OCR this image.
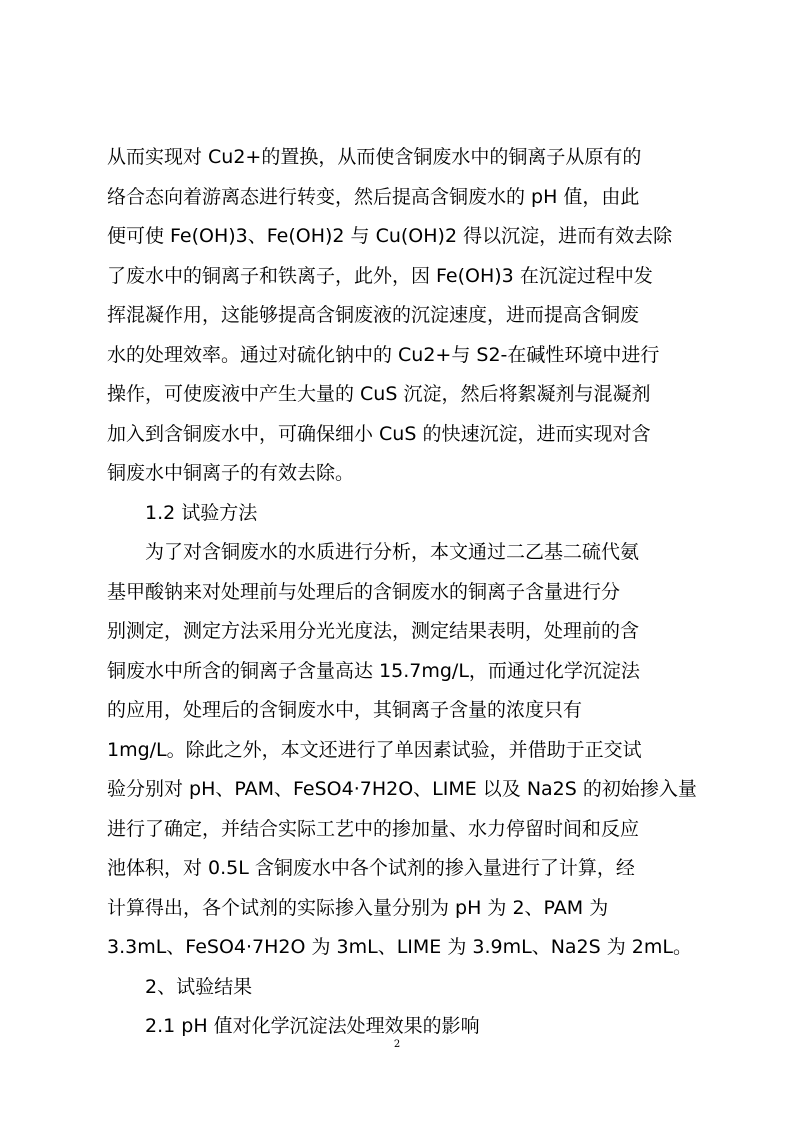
从而实现对 Cu2+的置换，从而使含铜废水中的铜离子从原有的
络合态向着游离态进行转变，然后提高含铜废水的 pH 值，由此
便可使 Fe(OH)3、Fe(OH)2 与 Cu(OH)2 得以沉淀，进而有效去除
了废水中的铜离子和铁离子，此外，因 Fe(OH)3 在沉淀过程中发
挥混凝作用，这能够提高含铜废液的沉淀速度，进而提高含铜废
水的处理效率。通过对硫化钠中的 Cu2+与 S2-在碱性环境中进行
操作，可使废液中产生大量的 CuS 沉淀，然后将絮凝剂与混凝剂
加入到含铜废水中，可确保细小 CuS 的快速沉淀，进而实现对含
铜废水中铜离子的有效去除。
1.2 试验方法
为了对含铜废水的水质进行分析，本文通过二乙基二硫代氨
基甲酸钠来对处理前与处理后的含铜废水的铜离子含量进行分
别测定，测定方法采用分光光度法，测定结果表明，处理前的含
铜废水中所含的铜离子含量高达 15.7mg/L，而通过化学沉淀法
的应用，处理后的含铜废水中，其铜离子含量的浓度只有
1mg/L。除此之外，本文还进行了单因素试验，并借助于正交试
验分别对 pH、PAM、FeSO4·7H2O、LIME 以及 Na2S 的初始掺入量
进行了确定，并结合实际工艺中的掺加量、水力停留时间和反应
池体积，对 0.5L 含铜废水中各个试剂的掺入量进行了计算，经
计算得出，各个试剂的实际掺入量分别为 pH 为 2、PAM 为
3.3mL、FeSO4·7H2O 为 3mL、LIME 为 3.9mL、Na2S 为 2mL。
2、试验结果
2.1 pH 值对化学沉淀法处理效果的影响
2
